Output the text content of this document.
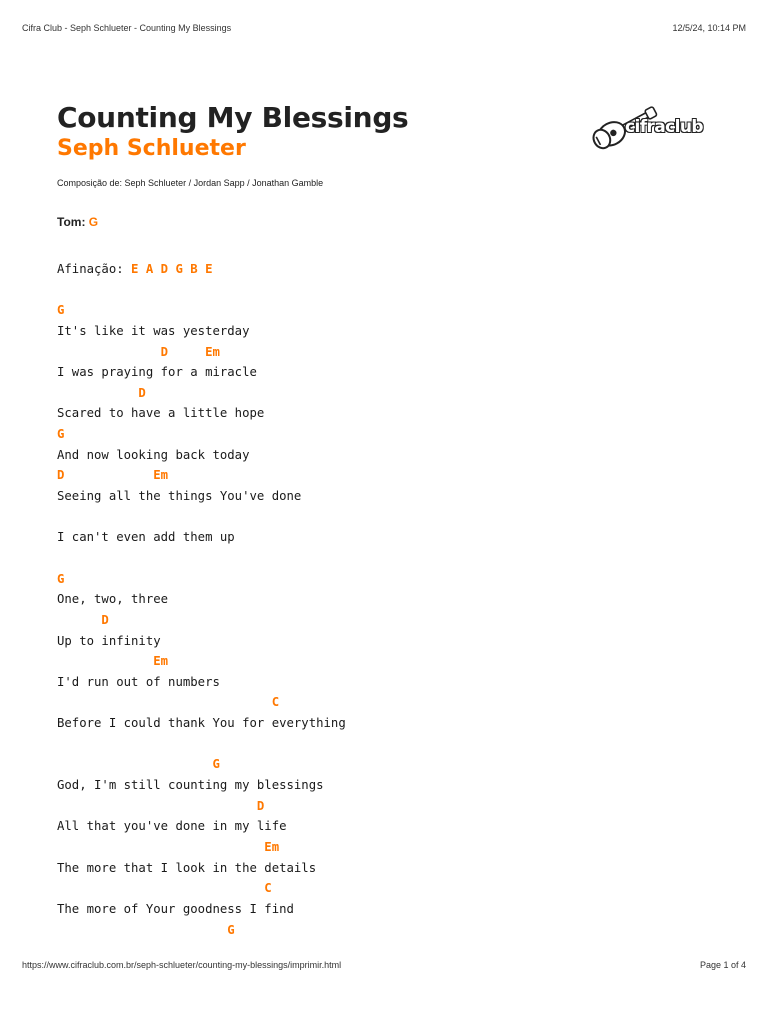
Cifra Club - Seph Schlueter - Counting My Blessings	12/5/24, 10:14 PM
Counting My Blessings
Seph Schlueter
Composição de: Seph Schlueter / Jordan Sapp / Jonathan Gamble
cifraclub
Tom: G
Afinação: E A D G B E

G
It's like it was yesterday
D     Em
I was praying for a miracle
D
Scared to have a little hope
G
And now looking back today
D            Em
Seeing all the things You've done

I can't even add them up

G
One, two, three
D
Up to infinity
Em
I'd run out of numbers
C
Before I could thank You for everything

G
God, I'm still counting my blessings
D
All that you've done in my life
Em
The more that I look in the details
C
The more of Your goodness I find
G
https://www.cifraclub.com.br/seph-schlueter/counting-my-blessings/imprimir.html	Page 1 of 4
